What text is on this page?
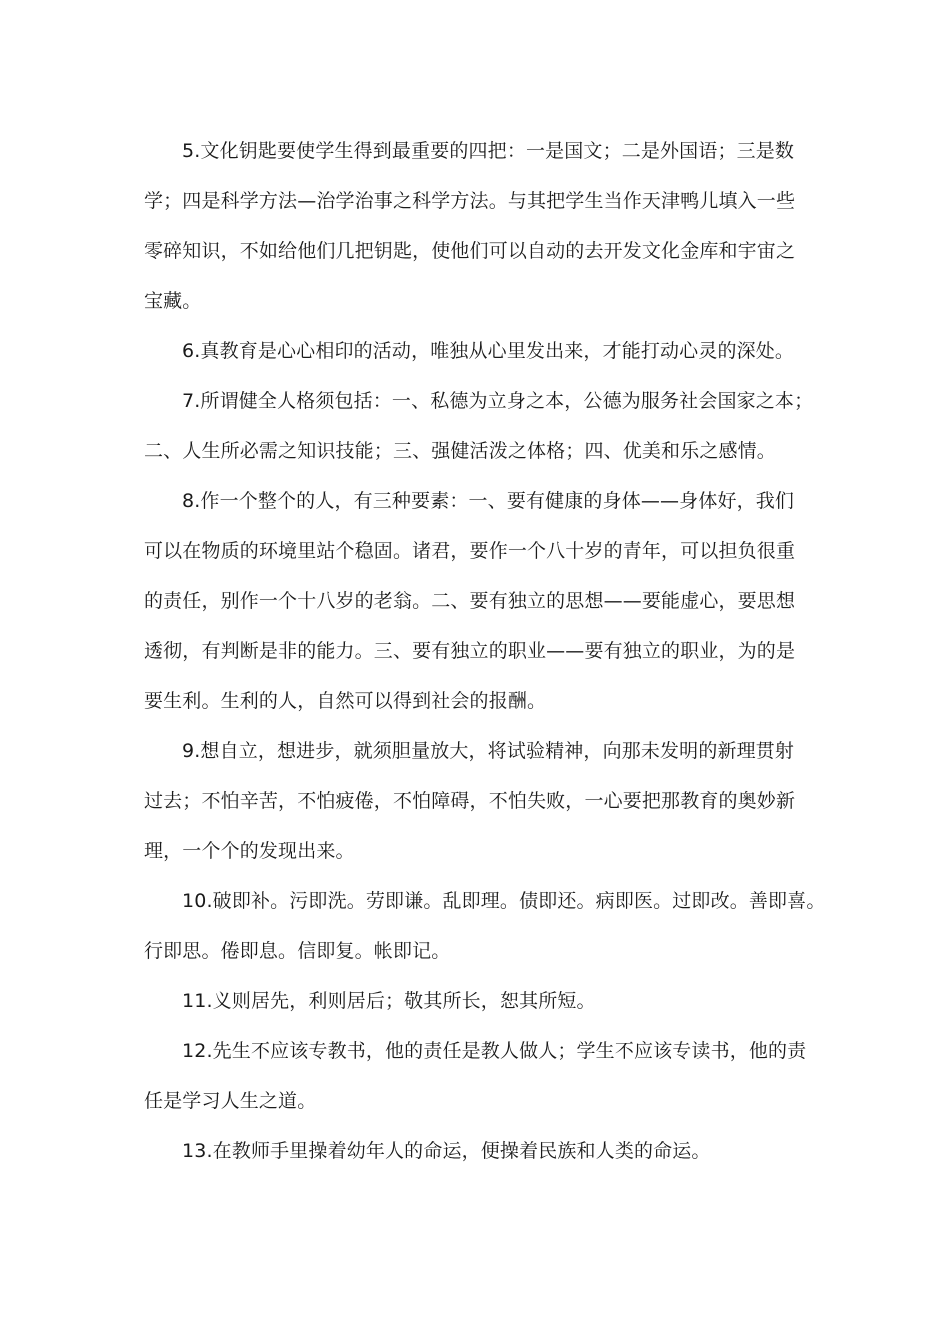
5.文化钥匙要使学生得到最重要的四把：一是国文；二是外国语；三是数
学；四是科学方法—治学治事之科学方法。与其把学生当作天津鸭儿填入一些
零碎知识，不如给他们几把钥匙，使他们可以自动的去开发文化金库和宇宙之
宝藏。
6.真教育是心心相印的活动，唯独从心里发出来，才能打动心灵的深处。
7.所谓健全人格须包括：一、私德为立身之本，公德为服务社会国家之本；
二、人生所必需之知识技能；三、强健活泼之体格；四、优美和乐之感情。
8.作一个整个的人，有三种要素：一、要有健康的身体——身体好，我们
可以在物质的环境里站个稳固。诸君，要作一个八十岁的青年，可以担负很重
的责任，别作一个十八岁的老翁。二、要有独立的思想——要能虚心，要思想
透彻，有判断是非的能力。三、要有独立的职业——要有独立的职业，为的是
要生利。生利的人，自然可以得到社会的报酬。
9.想自立，想进步，就须胆量放大，将试验精神，向那未发明的新理贯射
过去；不怕辛苦，不怕疲倦，不怕障碍，不怕失败，一心要把那教育的奥妙新
理，一个个的发现出来。
10.破即补。污即洗。劳即谦。乱即理。债即还。病即医。过即改。善即喜。
行即思。倦即息。信即复。帐即记。
11.义则居先，利则居后；敬其所长，恕其所短。
12.先生不应该专教书，他的责任是教人做人；学生不应该专读书，他的责
任是学习人生之道。
13.在教师手里操着幼年人的命运，便操着民族和人类的命运。
